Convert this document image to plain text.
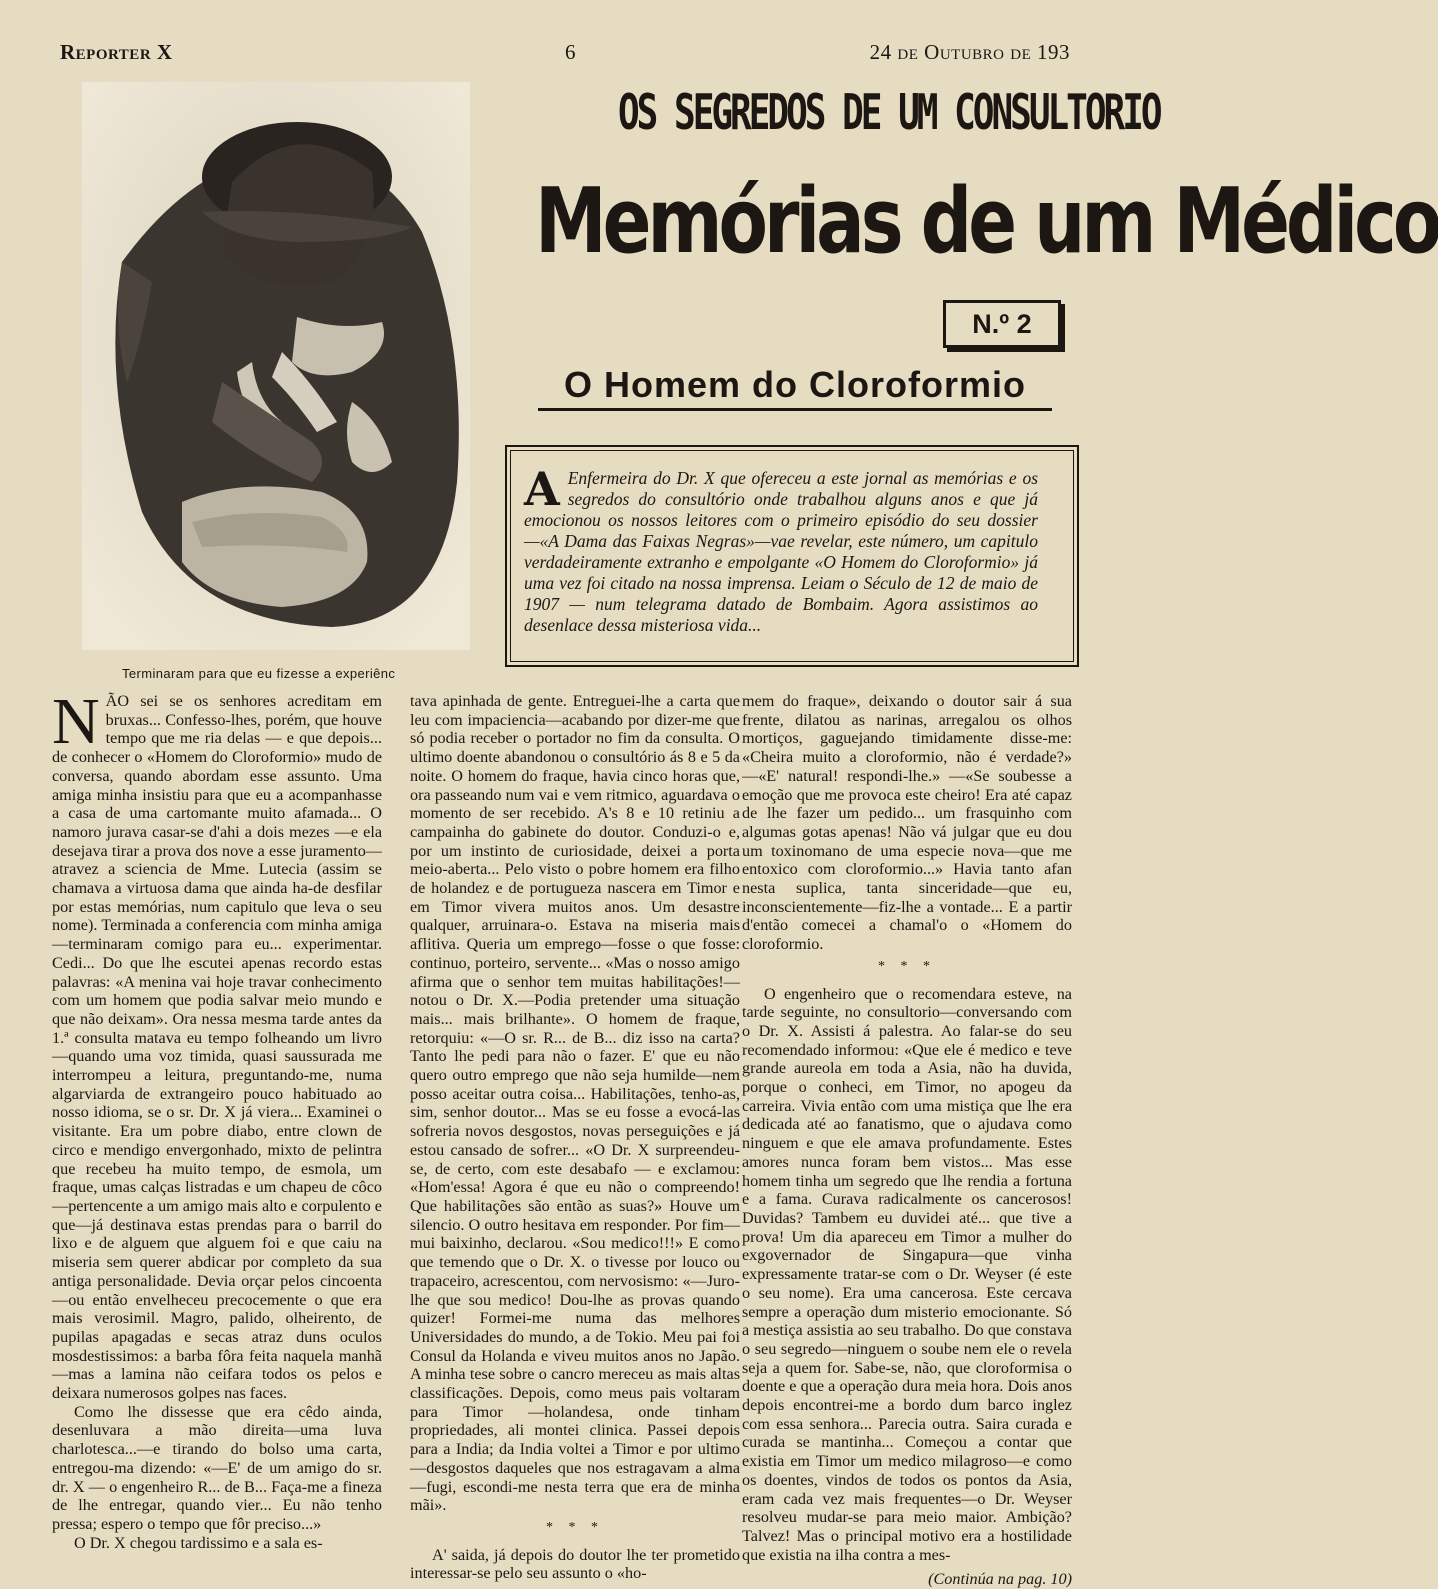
Reporter X	6	24 de Outubro de 193
Terminaram para que eu fizesse a experiênc
OS SEGREDOS DE UM CONSULTORIO
Memórias de um Médico
N.º 2
O Homem do Cloroformio
A Enfermeira do Dr. X que ofereceu a este jornal as memórias e os segredos do consultório onde trabalhou alguns anos e que já emocionou os nossos leitores com o primeiro episódio do seu dossier—«A Dama das Faixas Negras»—vae revelar, este número, um capitulo verdadeiramente extranho e empolgante «O Homem do Cloroformio» já uma vez foi citado na nossa imprensa. Leiam o Século de 12 de maio de 1907 — num telegrama datado de Bombaim. Agora assistimos ao desenlace dessa misteriosa vida...

N ÃO sei se os senhores acreditam em bruxas... Confesso-lhes, porém, que houve tempo que me ria delas — e que depois... de conhecer o «Homem do Cloroformio» mudo de conversa, quando abordam esse assunto. Uma amiga minha insistiu para que eu a acompanhasse a casa de uma cartomante muito afamada... O namoro jurava casar-se d'ahi a dois mezes —e ela desejava tirar a prova dos nove a esse juramento—atravez a sciencia de Mme. Lutecia (assim se chamava a virtuosa dama que ainda ha-de desfilar por estas memórias, num capitulo que leva o seu nome). Terminada a conferencia com minha amiga—terminaram comigo para eu... experimentar. Cedi... Do que lhe escutei apenas recordo estas palavras: «A menina vai hoje travar conhecimento com um homem que podia salvar meio mundo e que não deixam». Ora nessa mesma tarde antes da 1.ª consulta matava eu tempo folheando um livro—quando uma voz timida, quasi saussurada me interrompeu a leitura, preguntando-me, numa algarviarda de extrangeiro pouco habituado ao nosso idioma, se o sr. Dr. X já viera... Examinei o visitante. Era um pobre diabo, entre clown de circo e mendigo envergonhado, mixto de pelintra que recebeu ha muito tempo, de esmola, um fraque, umas calças listradas e um chapeu de côco—pertencente a um amigo mais alto e corpulento e que—já destinava estas prendas para o barril do lixo e de alguem que alguem foi e que caiu na miseria sem querer abdicar por completo da sua antiga personalidade. Devia orçar pelos cincoenta—ou então envelheceu precocemente o que era mais verosimil. Magro, palido, olheirento, de pupilas apagadas e secas atraz duns oculos mosdestissimos: a barba fôra feita naquela manhã—mas a lamina não ceifara todos os pelos e deixara numerosos golpes nas faces.

Como lhe dissesse que era cêdo ainda, desenluvara a mão direita—uma luva charlotesca...—e tirando do bolso uma carta, entregou-ma dizendo: «—E' de um amigo do sr. dr. X — o engenheiro R... de B... Faça-me a fineza de lhe entregar, quando vier... Eu não tenho pressa; espero o tempo que fôr preciso...»

O Dr. X chegou tardissimo e a sala es-

tava apinhada de gente. Entreguei-lhe a carta que leu com impaciencia—acabando por dizer-me que só podia receber o portador no fim da consulta. O ultimo doente abandonou o consultório ás 8 e 5 da noite. O homem do fraque, havia cinco horas que, ora passeando num vai e vem ritmico, aguardava o momento de ser recebido. A's 8 e 10 retiniu a campainha do gabinete do doutor. Conduzi-o e, por um instinto de curiosidade, deixei a porta meio-aberta... Pelo visto o pobre homem era filho de holandez e de portugueza nascera em Timor e em Timor vivera muitos anos. Um desastre qualquer, arruinara-o. Estava na miseria mais aflitiva. Queria um emprego—fosse o que fosse: continuo, porteiro, servente... «Mas o nosso amigo afirma que o senhor tem muitas habilitações!—notou o Dr. X.—Podia pretender uma situação mais... mais brilhante». O homem de fraque, retorquiu: «—O sr. R... de B... diz isso na carta? Tanto lhe pedi para não o fazer. E' que eu não quero outro emprego que não seja humilde—nem posso aceitar outra coisa... Habilitações, tenho-as, sim, senhor doutor... Mas se eu fosse a evocá-las sofreria novos desgostos, novas perseguições e já estou cansado de sofrer... «O Dr. X surpreendeu-se, de certo, com este desabafo — e exclamou: «Hom'essa! Agora é que eu não o compreendo! Que habilitações são então as suas?» Houve um silencio. O outro hesitava em responder. Por fim—mui baixinho, declarou. «Sou medico!!!» E como que temendo que o Dr. X. o tivesse por louco ou trapaceiro, acrescentou, com nervosismo: «—Juro-lhe que sou medico! Dou-lhe as provas quando quizer! Formei-me numa das melhores Universidades do mundo, a de Tokio. Meu pai foi Consul da Holanda e viveu muitos anos no Japão. A minha tese sobre o cancro mereceu as mais altas classificações. Depois, como meus pais voltaram para Timor —holandesa, onde tinham propriedades, ali montei clinica. Passei depois para a India; da India voltei a Timor e por ultimo—desgostos daqueles que nos estragavam a alma—fugi, escondi-me nesta terra que era de minha mãi».

* * *

A' saida, já depois do doutor lhe ter prometido interessar-se pelo seu assunto o «ho-

mem do fraque», deixando o doutor sair á sua frente, dilatou as narinas, arregalou os olhos mortiços, gaguejando timidamente disse-me: «Cheira muito a cloroformio, não é verdade?» —«E' natural! respondi-lhe.» —«Se soubesse a emoção que me provoca este cheiro! Era até capaz de lhe fazer um pedido... um frasquinho com algumas gotas apenas! Não vá julgar que eu dou um toxinomano de uma especie nova—que me entoxico com cloroformio...» Havia tanto afan nesta suplica, tanta sinceridade—que eu, inconscientemente—fiz-lhe a vontade... E a partir d'então comecei a chamal'o o «Homem do cloroformio.

* * *

O engenheiro que o recomendara esteve, na tarde seguinte, no consultorio—conversando com o Dr. X. Assisti á palestra. Ao falar-se do seu recomendado informou: «Que ele é medico e teve grande aureola em toda a Asia, não ha duvida, porque o conheci, em Timor, no apogeu da carreira. Vivia então com uma mistiça que lhe era dedicada até ao fanatismo, que o ajudava como ninguem e que ele amava profundamente. Estes amores nunca foram bem vistos... Mas esse homem tinha um segredo que lhe rendia a fortuna e a fama. Curava radicalmente os cancerosos! Duvidas? Tambem eu duvidei até... que tive a prova! Um dia apareceu em Timor a mulher do exgovernador de Singapura—que vinha expressamente tratar-se com o Dr. Weyser (é este o seu nome). Era uma cancerosa. Este cercava sempre a operação dum misterio emocionante. Só a mestiça assistia ao seu trabalho. Do que constava o seu segredo—ninguem o soube nem ele o revela seja a quem for. Sabe-se, não, que cloroformisa o doente e que a operação dura meia hora. Dois anos depois encontrei-me a bordo dum barco inglez com essa senhora... Parecia outra. Saira curada e curada se mantinha... Começou a contar que existia em Timor um medico milagroso—e como os doentes, vindos de todos os pontos da Asia, eram cada vez mais frequentes—o Dr. Weyser resolveu mudar-se para meio maior. Ambição? Talvez! Mas o principal motivo era a hostilidade que existia na ilha contra a mes-

(Continúa na pag. 10)
